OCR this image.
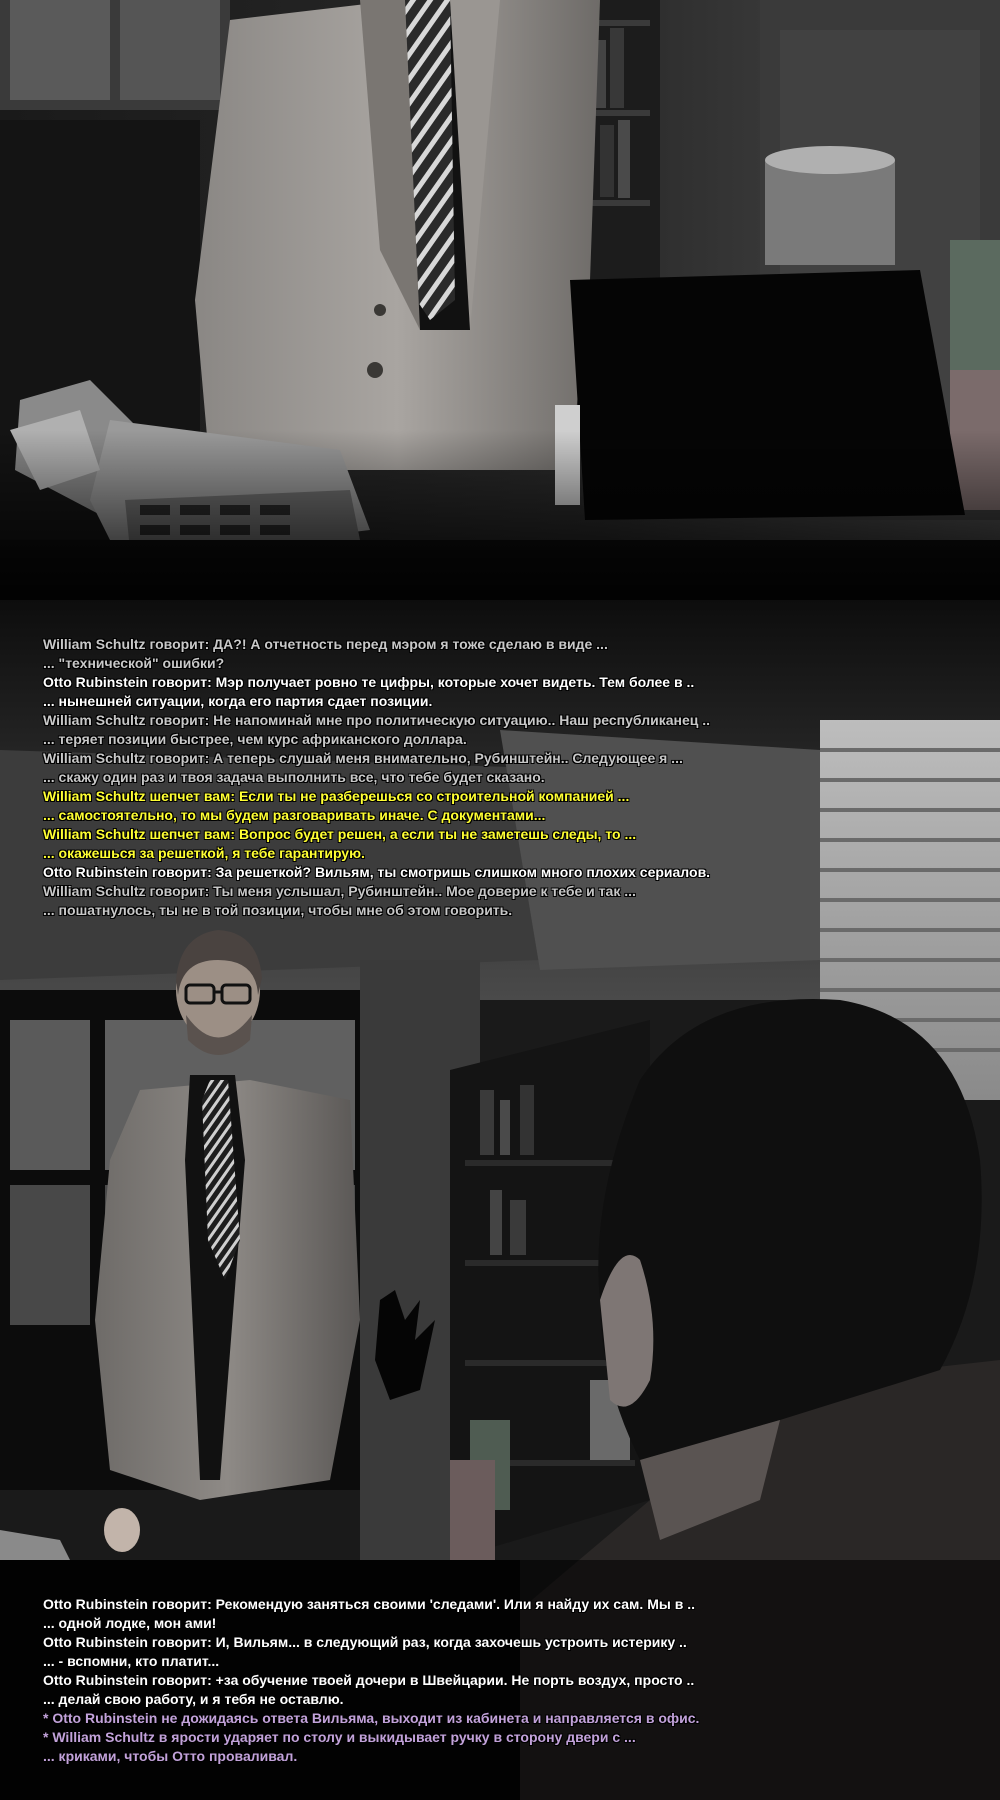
William Schultz говорит: ДА?! А отчетность перед мэром я тоже сделаю в виде ...
... "технической" ошибки?
Otto Rubinstein говорит: Мэр получает ровно те цифры, которые хочет видеть. Тем более в ..
... нынешней ситуации, когда его партия сдает позиции.
William Schultz говорит: Не напоминай мне про политическую ситуацию.. Наш республиканец ..
... теряет позиции быстрее, чем курс африканского доллара.
William Schultz говорит: А теперь слушай меня внимательно, Рубинштейн.. Следующее я ...
... скажу один раз и твоя задача выполнить все, что тебе будет сказано.
William Schultz шепчет вам: Если ты не разберешься со строительной компанией ...
... самостоятельно, то мы будем разговаривать иначе. С документами...
William Schultz шепчет вам: Вопрос будет решен, а если ты не заметешь следы, то ...
... окажешься за решеткой, я тебе гарантирую.
Otto Rubinstein говорит: За решеткой? Вильям, ты смотришь слишком много плохих сериалов.
William Schultz говорит: Ты меня услышал, Рубинштейн.. Мое доверие к тебе и так ...
... пошатнулось, ты не в той позиции, чтобы мне об этом говорить.
Otto Rubinstein говорит: Рекомендую заняться своими 'следами'. Или я найду их сам. Мы в ..
... одной лодке, мон ами!
Otto Rubinstein говорит: И, Вильям... в следующий раз, когда захочешь устроить истерику ..
... - вспомни, кто платит...
Otto Rubinstein говорит: +за обучение твоей дочери в Швейцарии. Не порть воздух, просто ..
... делай свою работу, и я тебя не оставлю.
* Otto Rubinstein не дожидаясь ответа Вильяма, выходит из кабинета и направляется в офис.
* William Schultz в ярости ударяет по столу и выкидывает ручку в сторону двери с ...
... криками, чтобы Отто проваливал.
